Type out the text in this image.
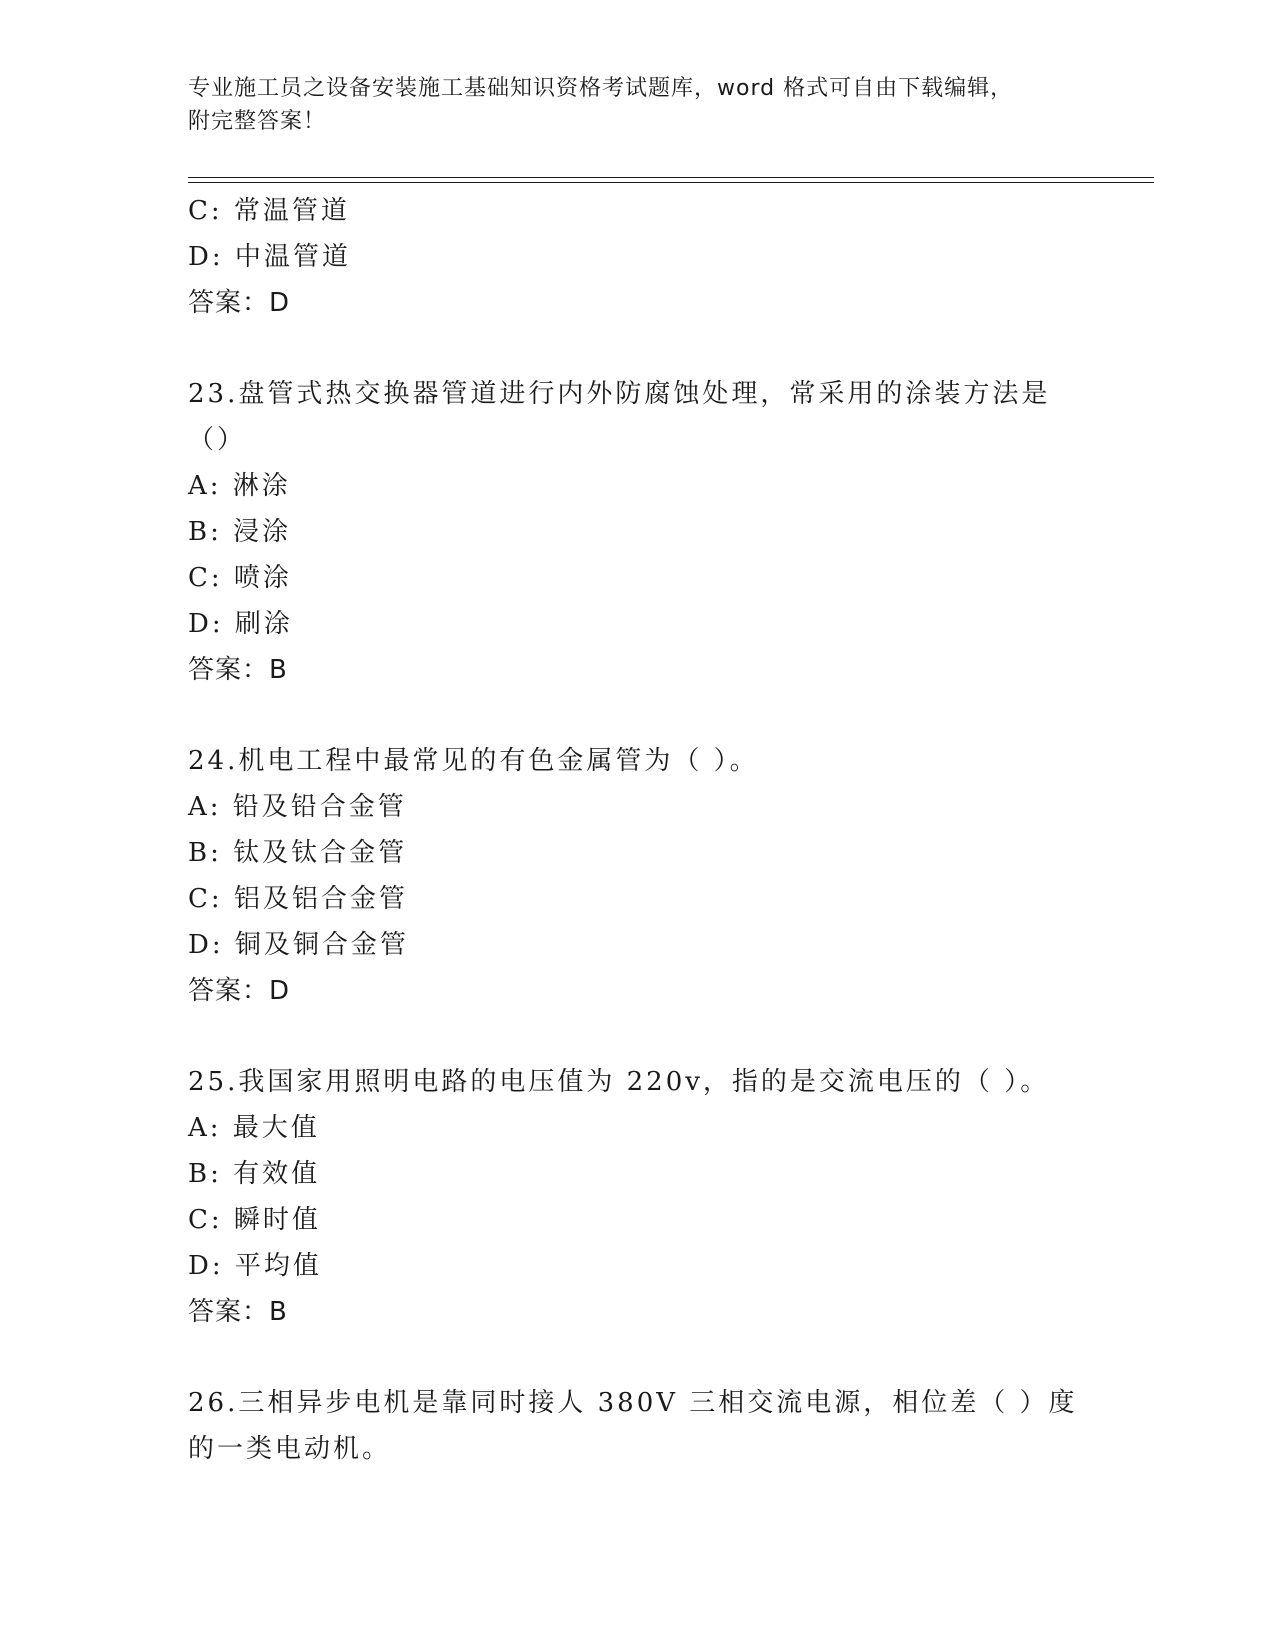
专业施工员之设备安装施工基础知识资格考试题库，word 格式可自由下载编辑，
附完整答案！
C: 常温管道
D: 中温管道
答案：D
23.盘管式热交换器管道进行内外防腐蚀处理，常采用的涂装方法是（）
A: 淋涂
B: 浸涂
C: 喷涂
D: 刷涂
答案：B
24.机电工程中最常见的有色金属管为（ ）。
A: 铅及铅合金管
B: 钛及钛合金管
C: 铝及铝合金管
D: 铜及铜合金管
答案：D
25.我国家用照明电路的电压值为 220v，指的是交流电压的（ ）。
A: 最大值
B: 有效值
C: 瞬时值
D: 平均值
答案：B
26.三相异步电机是靠同时接人 380V 三相交流电源，相位差（ ）度的一类电动机。
